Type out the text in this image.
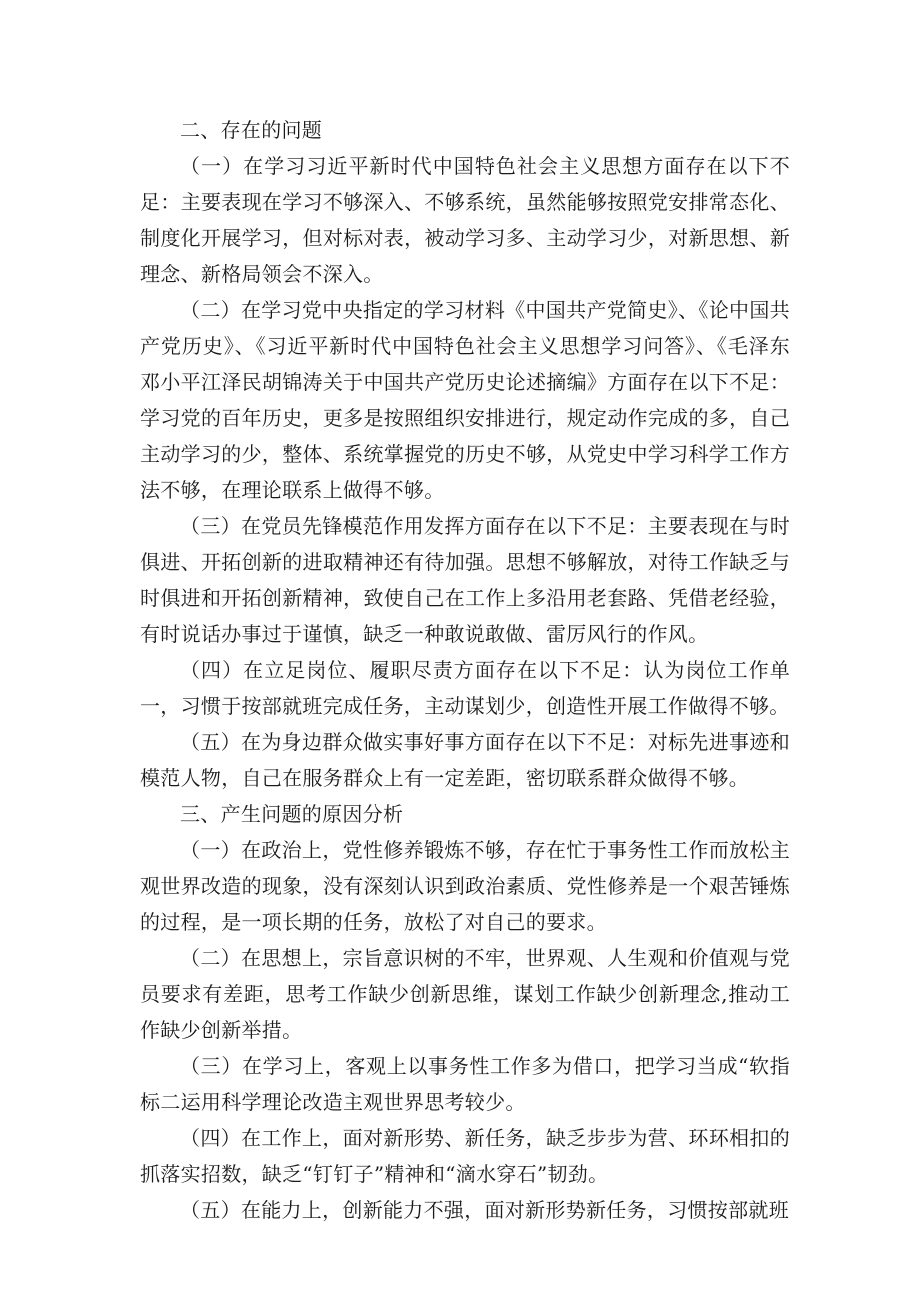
二、存在的问题

（一）在学习习近平新时代中国特色社会主义思想方面存在以下不足：主要表现在学习不够深入、不够系统，虽然能够按照党安排常态化、制度化开展学习，但对标对表，被动学习多、主动学习少，对新思想、新理念、新格局领会不深入。

（二）在学习党中央指定的学习材料《中国共产党简史》、《论中国共产党历史》、《习近平新时代中国特色社会主义思想学习问答》、《毛泽东邓小平江泽民胡锦涛关于中国共产党历史论述摘编》方面存在以下不足：学习党的百年历史，更多是按照组织安排进行，规定动作完成的多，自己主动学习的少，整体、系统掌握党的历史不够，从党史中学习科学工作方法不够，在理论联系上做得不够。

（三）在党员先锋模范作用发挥方面存在以下不足：主要表现在与时俱进、开拓创新的进取精神还有待加强。思想不够解放，对待工作缺乏与时俱进和开拓创新精神，致使自己在工作上多沿用老套路、凭借老经验，有时说话办事过于谨慎，缺乏一种敢说敢做、雷厉风行的作风。

（四）在立足岗位、履职尽责方面存在以下不足：认为岗位工作单一，习惯于按部就班完成任务，主动谋划少，创造性开展工作做得不够。

（五）在为身边群众做实事好事方面存在以下不足：对标先进事迹和模范人物，自己在服务群众上有一定差距，密切联系群众做得不够。

三、产生问题的原因分析

（一）在政治上，党性修养锻炼不够，存在忙于事务性工作而放松主观世界改造的现象，没有深刻认识到政治素质、党性修养是一个艰苦锤炼的过程，是一项长期的任务，放松了对自己的要求。

（二）在思想上，宗旨意识树的不牢，世界观、人生观和价值观与党员要求有差距，思考工作缺少创新思维，谋划工作缺少创新理念,推动工作缺少创新举措。

（三）在学习上，客观上以事务性工作多为借口，把学习当成“软指标二运用科学理论改造主观世界思考较少。

（四）在工作上，面对新形势、新任务，缺乏步步为营、环环相扣的抓落实招数，缺乏“钉钉子”精神和“滴水穿石”韧劲。

（五）在能力上，创新能力不强，面对新形势新任务，习惯按部就班
